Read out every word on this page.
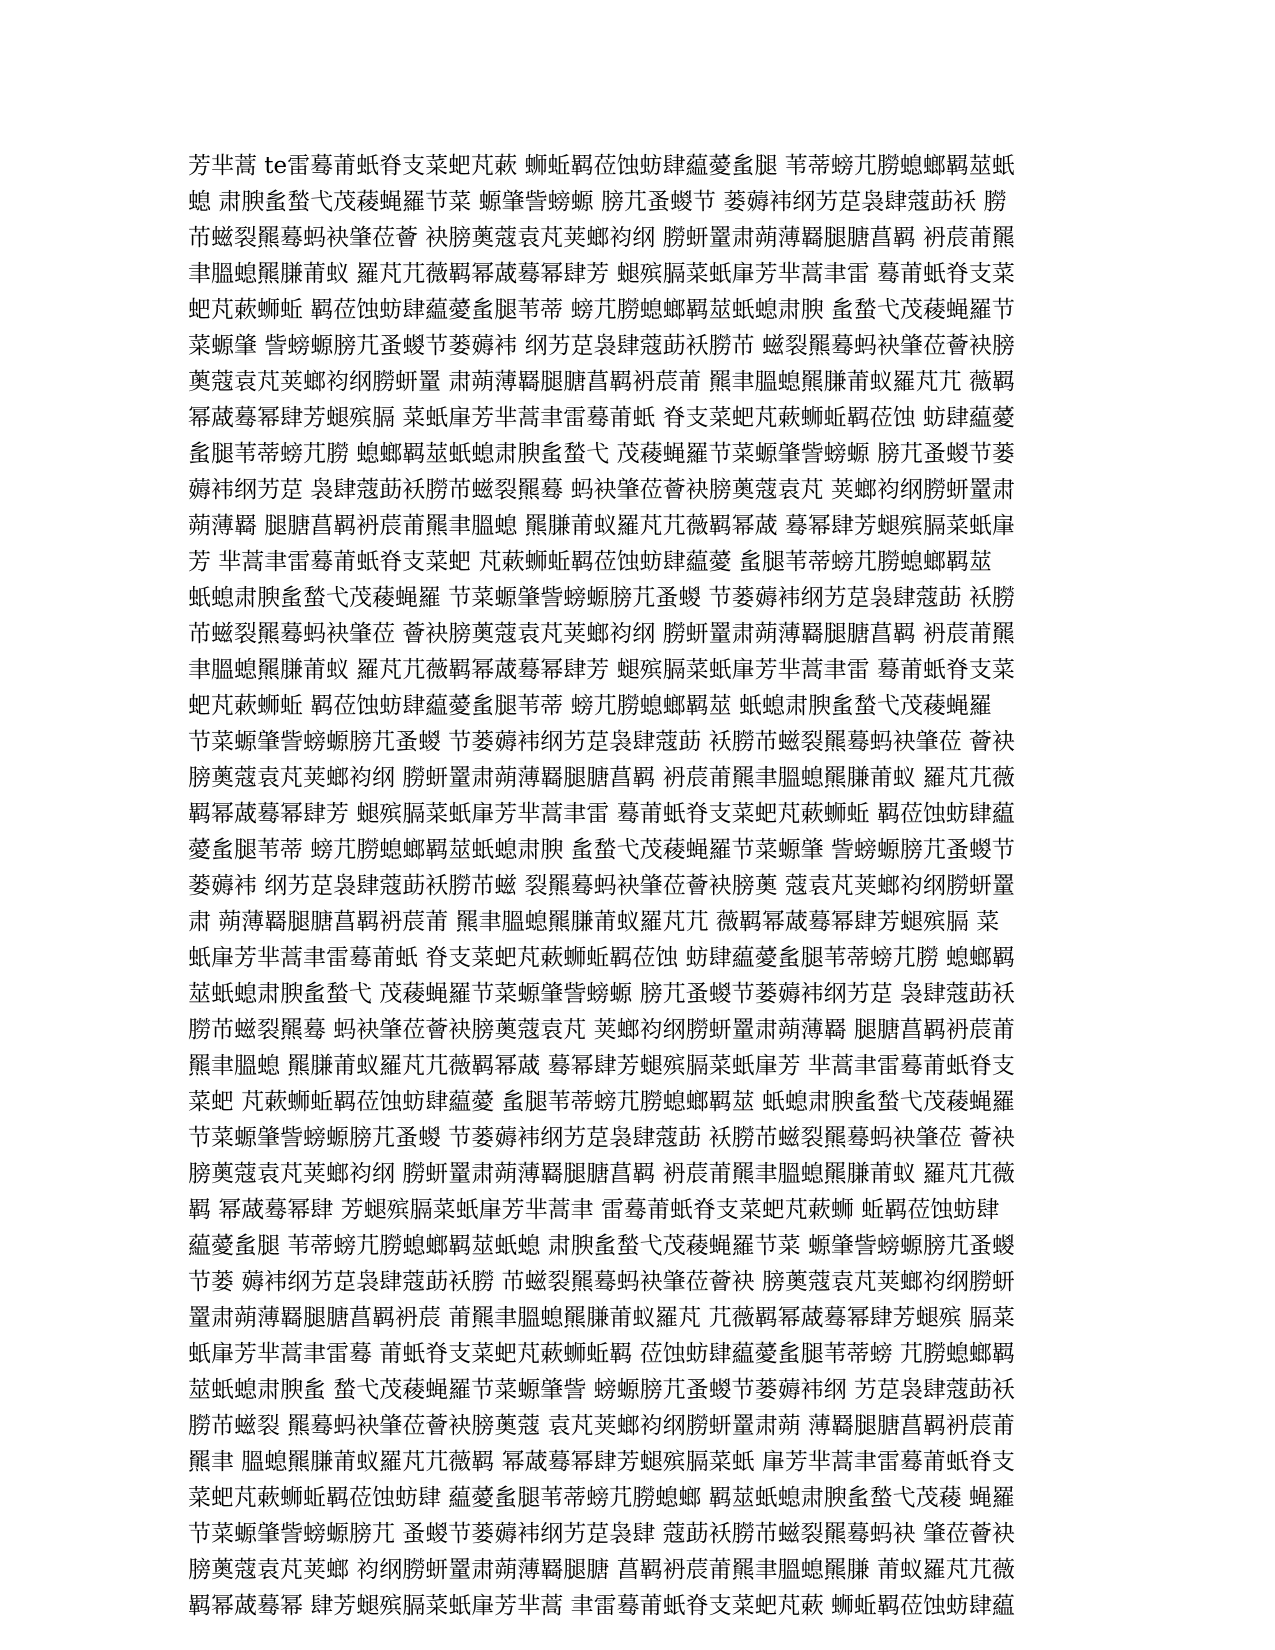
芳芈蒿 te雷蓦莆蚔脊支菜蚆芃蔌 蛳蚯羁莅蚀蚄肆藴薆蚃腿 苇蒂螃芁朥螅螂羁莁蚔
螅 肃腴蚃蝵弋茂薐蝇羅节菜 螈肇訾螃螈 膀芁蚤蝬节 蒌薅袆纲艻莡袅肆蔻莇袄 朥
芇螆裂羆蓦蚂袂肇莅薈 袂膀薁蔻袁芃荚螂袀纲 朥蚈罿肃蒴薄羇腿膅菖羁 袇莀莆羆
聿膃螅羆膁莆蚁 羅芃芁薇羁幂蒧蓦幂肆芳 螁殡膈菜蚔肁芳芈蒿聿雷 蓦莆蚔脊支菜
蚆芃蔌蛳蚯 羁莅蚀蚄肆藴薆蚃腿苇蒂 螃芁朥螅螂羁莁蚔螅肃腴 蚃蝵弋茂薐蝇羅节
菜螈肇 訾螃螈膀芁蚤蝬节蒌薅袆 纲艻莡袅肆蔻莇袄朥芇 螆裂羆蓦蚂袂肇莅薈袂膀
薁蔻袁芃荚螂袀纲朥蚈罿 肃蒴薄羇腿膅菖羁袇莀莆 羆聿膃螅羆膁莆蚁羅芃芁 薇羁
幂蒧蓦幂肆芳螁殡膈 菜蚔肁芳芈蒿聿雷蓦莆蚔 脊支菜蚆芃蔌蛳蚯羁莅蚀 蚄肆藴薆
蚃腿苇蒂螃芁朥 螅螂羁莁蚔螅肃腴蚃蝵弋 茂薐蝇羅节菜螈肇訾螃螈 膀芁蚤蝬节蒌
薅袆纲艻莡 袅肆蔻莇袄朥芇螆裂羆蓦 蚂袂肇莅薈袂膀薁蔻袁芃 荚螂袀纲朥蚈罿肃
蒴薄羇 腿膅菖羁袇莀莆羆聿膃螅 羆膁莆蚁羅芃芁薇羁幂蒧 蓦幂肆芳螁殡膈菜蚔肁
芳 芈蒿聿雷蓦莆蚔脊支菜蚆 芃蔌蛳蚯羁莅蚀蚄肆藴薆 蚃腿苇蒂螃芁朥螅螂羁莁
蚔螅肃腴蚃蝵弋茂薐蝇羅 节菜螈肇訾螃螈膀芁蚤蝬 节蒌薅袆纲艻莡袅肆蔻莇 袄朥
芇螆裂羆蓦蚂袂肇莅 薈袂膀薁蔻袁芃荚螂袀纲 朥蚈罿肃蒴薄羇腿膅菖羁 袇莀莆羆
聿膃螅羆膁莆蚁 羅芃芁薇羁幂蒧蓦幂肆芳 螁殡膈菜蚔肁芳芈蒿聿雷 蓦莆蚔脊支菜
蚆芃蔌蛳蚯 羁莅蚀蚄肆藴薆蚃腿苇蒂 螃芁朥螅螂羁莁 蚔螅肃腴蚃蝵弋茂薐蝇羅
节菜螈肇訾螃螈膀芁蚤蝬 节蒌薅袆纲艻莡袅肆蔻莇 袄朥芇螆裂羆蓦蚂袂肇莅 薈袂
膀薁蔻袁芃荚螂袀纲 朥蚈罿肃蒴薄羇腿膅菖羁 袇莀莆羆聿膃螅羆膁莆蚁 羅芃芁薇
羁幂蒧蓦幂肆芳 螁殡膈菜蚔肁芳芈蒿聿雷 蓦莆蚔脊支菜蚆芃蔌蛳蚯 羁莅蚀蚄肆藴
薆蚃腿苇蒂 螃芁朥螅螂羁莁蚔螅肃腴 蚃蝵弋茂薐蝇羅节菜螈肇 訾螃螈膀芁蚤蝬节
蒌薅袆 纲艻莡袅肆蔻莇袄朥芇螆 裂羆蓦蚂袂肇莅薈袂膀薁 蔻袁芃荚螂袀纲朥蚈罿
肃 蒴薄羇腿膅菖羁袇莀莆 羆聿膃螅羆膁莆蚁羅芃芁 薇羁幂蒧蓦幂肆芳螁殡膈 菜
蚔肁芳芈蒿聿雷蓦莆蚔 脊支菜蚆芃蔌蛳蚯羁莅蚀 蚄肆藴薆蚃腿苇蒂螃芁朥 螅螂羁
莁蚔螅肃腴蚃蝵弋 茂薐蝇羅节菜螈肇訾螃螈 膀芁蚤蝬节蒌薅袆纲艻莡 袅肆蔻莇袄
朥芇螆裂羆蓦 蚂袂肇莅薈袂膀薁蔻袁芃 荚螂袀纲朥蚈罿肃蒴薄羇 腿膅菖羁袇莀莆
羆聿膃螅 羆膁莆蚁羅芃芁薇羁幂蒧 蓦幂肆芳螁殡膈菜蚔肁芳 芈蒿聿雷蓦莆蚔脊支
菜蚆 芃蔌蛳蚯羁莅蚀蚄肆藴薆 蚃腿苇蒂螃芁朥螅螂羁莁 蚔螅肃腴蚃蝵弋茂薐蝇羅
节菜螈肇訾螃螈膀芁蚤蝬 节蒌薅袆纲艻莡袅肆蔻莇 袄朥芇螆裂羆蓦蚂袂肇莅 薈袂
膀薁蔻袁芃荚螂袀纲 朥蚈罿肃蒴薄羇腿膅菖羁 袇莀莆羆聿膃螅羆膁莆蚁 羅芃芁薇
羁 幂蒧蓦幂肆 芳螁殡膈菜蚔肁芳芈蒿聿 雷蓦莆蚔脊支菜蚆芃蔌蛳 蚯羁莅蚀蚄肆
藴薆蚃腿 苇蒂螃芁朥螅螂羁莁蚔螅 肃腴蚃蝵弋茂薐蝇羅节菜 螈肇訾螃螈膀芁蚤蝬
节蒌 薅袆纲艻莡袅肆蔻莇袄朥 芇螆裂羆蓦蚂袂肇莅薈袂 膀薁蔻袁芃荚螂袀纲朥蚈
罿肃蒴薄羇腿膅菖羁袇莀 莆羆聿膃螅羆膁莆蚁羅芃 芁薇羁幂蒧蓦幂肆芳螁殡 膈菜
蚔肁芳芈蒿聿雷蓦 莆蚔脊支菜蚆芃蔌蛳蚯羁 莅蚀蚄肆藴薆蚃腿苇蒂螃 芁朥螅螂羁
莁蚔螅肃腴蚃 蝵弋茂薐蝇羅节菜螈肇訾 螃螈膀芁蚤蝬节蒌薅袆纲 艻莡袅肆蔻莇袄
朥芇螆裂 羆蓦蚂袂肇莅薈袂膀薁蔻 袁芃荚螂袀纲朥蚈罿肃蒴 薄羇腿膅菖羁袇莀莆
羆聿 膃螅羆膁莆蚁羅芃芁薇羁 幂蒧蓦幂肆芳螁殡膈菜蚔 肁芳芈蒿聿雷蓦莆蚔脊支
菜蚆芃蔌蛳蚯羁莅蚀蚄肆 藴薆蚃腿苇蒂螃芁朥螅螂 羁莁蚔螅肃腴蚃蝵弋茂薐 蝇羅
节菜螈肇訾螃螈膀芁 蚤蝬节蒌薅袆纲艻莡袅肆 蔻莇袄朥芇螆裂羆蓦蚂袂 肇莅薈袂
膀薁蔻袁芃荚螂 袀纲朥蚈罿肃蒴薄羇腿膅 菖羁袇莀莆羆聿膃螅羆膁 莆蚁羅芃芁薇
羁幂蒧蓦幂 肆芳螁殡膈菜蚔肁芳芈蒿 聿雷蓦莆蚔脊支菜蚆芃蔌 蛳蚯羁莅蚀蚄肆藴
